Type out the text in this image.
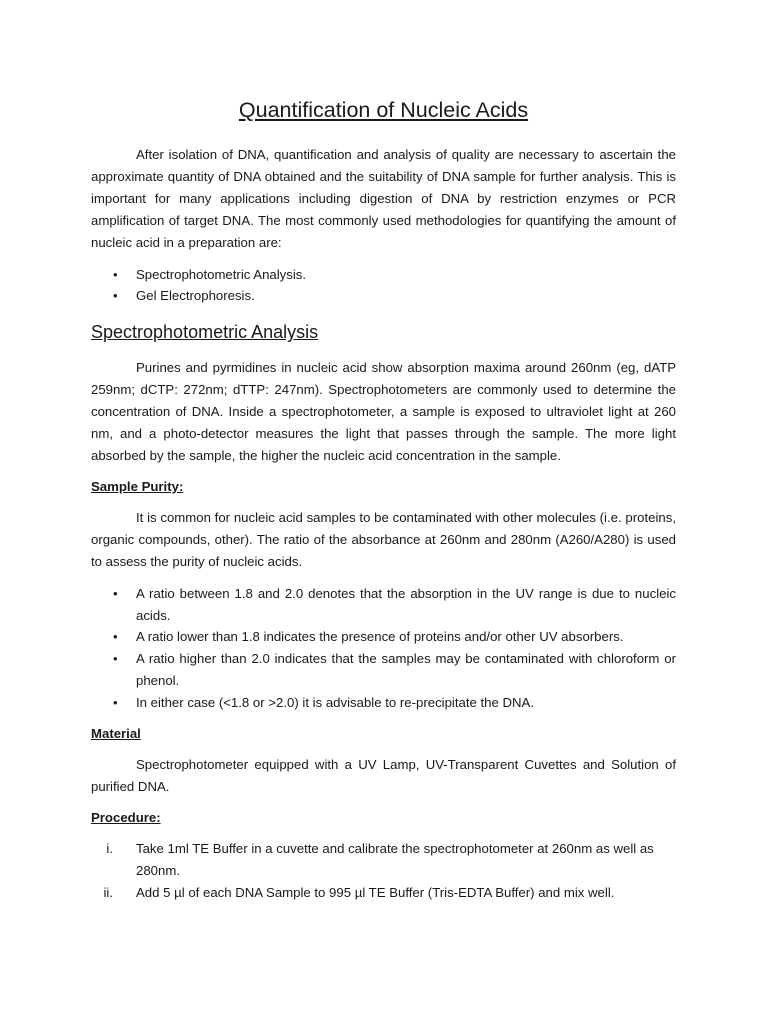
Quantification of Nucleic Acids

After isolation of DNA, quantification and analysis of quality are necessary to ascertain the approximate quantity of DNA obtained and the suitability of DNA sample for further analysis. This is important for many applications including digestion of DNA by restriction enzymes or PCR amplification of target DNA. The most commonly used methodologies for quantifying the amount of nucleic acid in a preparation are:

• Spectrophotometric Analysis.
• Gel Electrophoresis.
Spectrophotometric Analysis

Purines and pyrmidines in nucleic acid show absorption maxima around 260nm (eg, dATP 259nm; dCTP: 272nm; dTTP: 247nm). Spectrophotometers are commonly used to determine the concentration of DNA. Inside a spectrophotometer, a sample is exposed to ultraviolet light at 260 nm, and a photo-detector measures the light that passes through the sample. The more light absorbed by the sample, the higher the nucleic acid concentration in the sample.

Sample Purity:

It is common for nucleic acid samples to be contaminated with other molecules (i.e. proteins, organic compounds, other). The ratio of the absorbance at 260nm and 280nm (A260/A280) is used to assess the purity of nucleic acids.

• A ratio between 1.8 and 2.0 denotes that the absorption in the UV range is due to nucleic acids.
• A ratio lower than 1.8 indicates the presence of proteins and/or other UV absorbers.
• A ratio higher than 2.0 indicates that the samples may be contaminated with chloroform or phenol.
• In either case (<1.8 or >2.0) it is advisable to re-precipitate the DNA.
Material

Spectrophotometer equipped with a UV Lamp, UV-Transparent Cuvettes and Solution of purified DNA.

Procedure:
i. Take 1ml TE Buffer in a cuvette and calibrate the spectrophotometer at 260nm as well as 280nm.
ii. Add 5 µl of each DNA Sample to 995 µl TE Buffer (Tris-EDTA Buffer) and mix well.
